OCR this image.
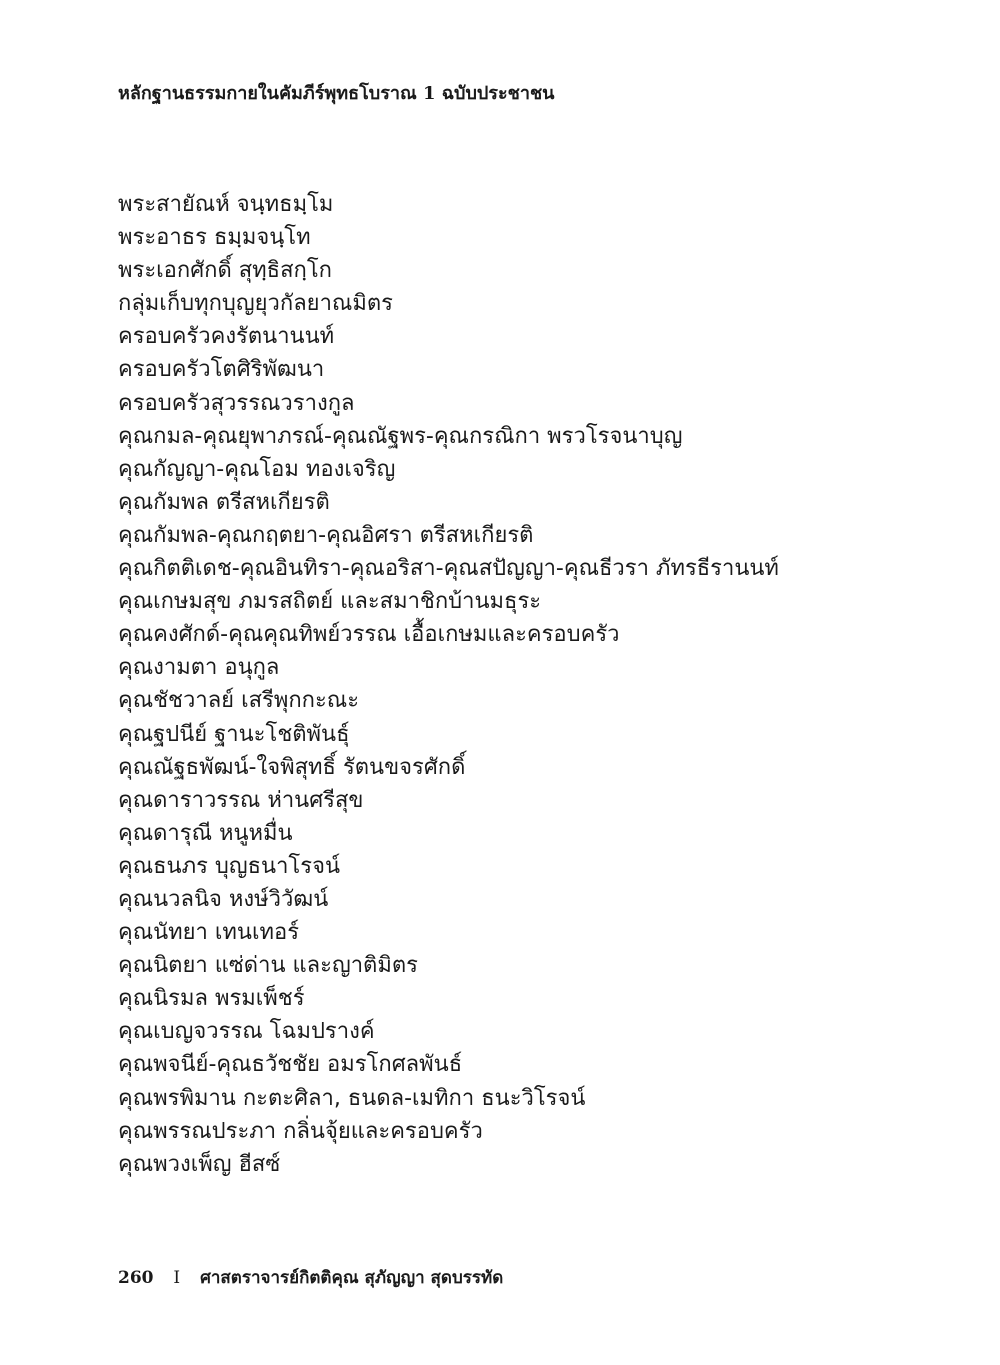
หลักฐานธรรมกายในคัมภีร์พุทธโบราณ 1 ฉบับประชาชน
พระสายัณห์ จนฺทธมฺโม
พระอาธร ธมฺมจนฺโท
พระเอกศักดิ์ สุทฺธิสกฺโก
กลุ่มเก็บทุกบุญยุวกัลยาณมิตร
ครอบครัวคงรัตนานนท์
ครอบครัวโตศิริพัฒนา
ครอบครัวสุวรรณวรางกูล
คุณกมล-คุณยุพาภรณ์-คุณณัฐพร-คุณกรณิกา พรวโรจนาบุญ
คุณกัญญา-คุณโอม ทองเจริญ
คุณกัมพล ตรีสหเกียรติ
คุณกัมพล-คุณกฤตยา-คุณอิศรา ตรีสหเกียรติ
คุณกิตติเดช-คุณอินทิรา-คุณอริสา-คุณสปัญญา-คุณธีวรา ภัทรธีรานนท์
คุณเกษมสุข ภมรสถิตย์ และสมาชิกบ้านมธุระ
คุณคงศักด์-คุณคุณทิพย์วรรณ เอื้อเกษมและครอบครัว
คุณงามตา อนุกูล
คุณชัชวาลย์ เสรีพุกกะณะ
คุณฐปนีย์ ฐานะโชติพันธุ์
คุณณัฐธพัฒน์-ใจพิสุทธิ์ รัตนขจรศักดิ์
คุณดาราวรรณ ห่านศรีสุข
คุณดารุณี หนูหมื่น
คุณธนภร บุญธนาโรจน์
คุณนวลนิจ หงษ์วิวัฒน์
คุณนัทยา เทนเทอร์
คุณนิตยา แซ่ด่าน และญาติมิตร
คุณนิรมล พรมเพ็ชร์
คุณเบญจวรรณ โฉมปรางค์
คุณพจนีย์-คุณธวัชชัย อมรโกศลพันธ์
คุณพรพิมาน กะตะศิลา, ธนดล-เมทิกา ธนะวิโรจน์
คุณพรรณประภา กลิ่นจุ้ยและครอบครัว
คุณพวงเพ็ญ ฮีสซ์
260 I ศาสตราจารย์กิตติคุณ สุภัญญา สุดบรรทัด
